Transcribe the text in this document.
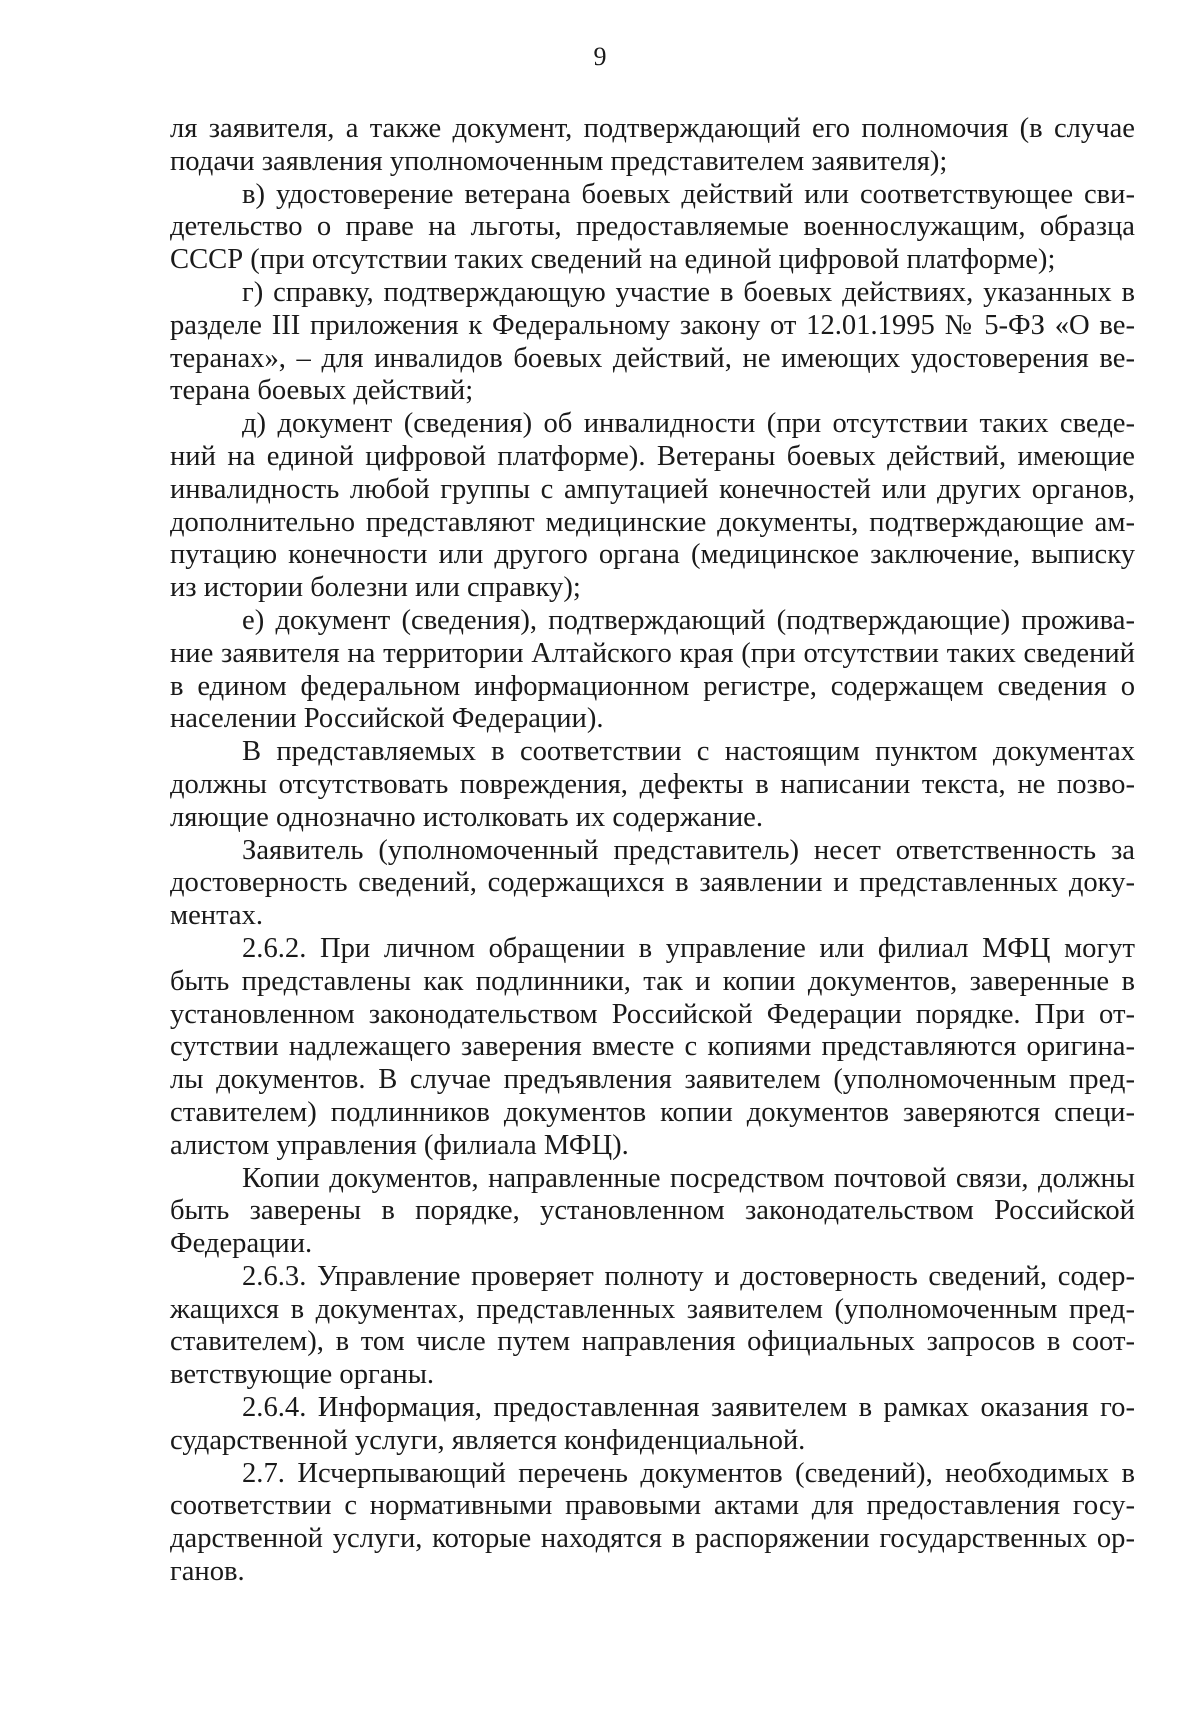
9

ля заявителя, а также документ, подтверждающий его полномочия (в случае подачи заявления уполномоченным представителем заявителя);

в) удостоверение ветерана боевых действий или соответствующее свидетельство о праве на льготы, предоставляемые военнослужащим, образца СССР (при отсутствии таких сведений на единой цифровой платформе);

г) справку, подтверждающую участие в боевых действиях, указанных в разделе III приложения к Федеральному закону от 12.01.1995 № 5-ФЗ «О ветеранах», – для инвалидов боевых действий, не имеющих удостоверения ветерана боевых действий;

д) документ (сведения) об инвалидности (при отсутствии таких сведений на единой цифровой платформе). Ветераны боевых действий, имеющие инвалидность любой группы с ампутацией конечностей или других органов, дополнительно представляют медицинские документы, подтверждающие ампутацию конечности или другого органа (медицинское заключение, выписку из истории болезни или справку);

е) документ (сведения), подтверждающий (подтверждающие) проживание заявителя на территории Алтайского края (при отсутствии таких сведений в едином федеральном информационном регистре, содержащем сведения о населении Российской Федерации).

В представляемых в соответствии с настоящим пунктом документах должны отсутствовать повреждения, дефекты в написании текста, не позволяющие однозначно истолковать их содержание.

Заявитель (уполномоченный представитель) несет ответственность за достоверность сведений, содержащихся в заявлении и представленных документах.

2.6.2. При личном обращении в управление или филиал МФЦ могут быть представлены как подлинники, так и копии документов, заверенные в установленном законодательством Российской Федерации порядке. При отсутствии надлежащего заверения вместе с копиями представляются оригиналы документов. В случае предъявления заявителем (уполномоченным представителем) подлинников документов копии документов заверяются специалистом управления (филиала МФЦ).

Копии документов, направленные посредством почтовой связи, должны быть заверены в порядке, установленном законодательством Российской Федерации.

2.6.3. Управление проверяет полноту и достоверность сведений, содержащихся в документах, представленных заявителем (уполномоченным представителем), в том числе путем направления официальных запросов в соответствующие органы.

2.6.4. Информация, предоставленная заявителем в рамках оказания государственной услуги, является конфиденциальной.

2.7. Исчерпывающий перечень документов (сведений), необходимых в соответствии с нормативными правовыми актами для предоставления государственной услуги, которые находятся в распоряжении государственных органов.
